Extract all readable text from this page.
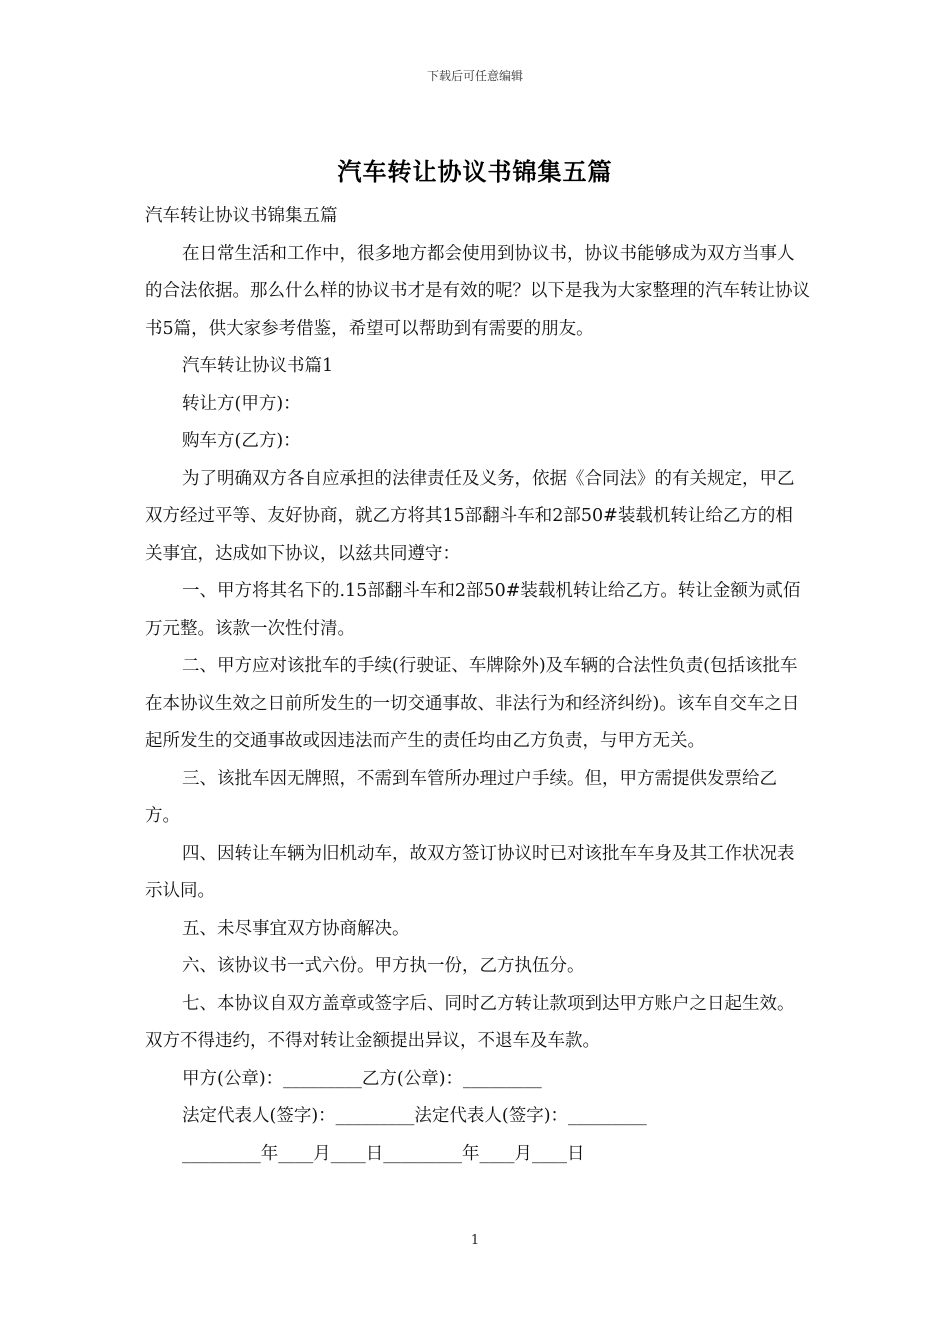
下载后可任意编辑
汽车转让协议书锦集五篇

汽车转让协议书锦集五篇

在日常生活和工作中，很多地方都会使用到协议书，协议书能够成为双方当事人的合法依据。那么什么样的协议书才是有效的呢？以下是我为大家整理的汽车转让协议书5篇，供大家参考借鉴，希望可以帮助到有需要的朋友。

汽车转让协议书篇1

转让方(甲方)：

购车方(乙方)：

为了明确双方各自应承担的法律责任及义务，依据《合同法》的有关规定，甲乙双方经过平等、友好协商，就乙方将其15部翻斗车和2部50#装载机转让给乙方的相关事宜，达成如下协议，以兹共同遵守：

一、甲方将其名下的.15部翻斗车和2部50#装载机转让给乙方。转让金额为贰佰万元整。该款一次性付清。

二、甲方应对该批车的手续(行驶证、车牌除外)及车辆的合法性负责(包括该批车在本协议生效之日前所发生的一切交通事故、非法行为和经济纠纷)。该车自交车之日起所发生的交通事故或因违法而产生的责任均由乙方负责，与甲方无关。

三、该批车因无牌照，不需到车管所办理过户手续。但，甲方需提供发票给乙方。

四、因转让车辆为旧机动车，故双方签订协议时已对该批车车身及其工作状况表示认同。

五、未尽事宜双方协商解决。

六、该协议书一式六份。甲方执一份，乙方执伍分。

七、本协议自双方盖章或签字后、同时乙方转让款项到达甲方账户之日起生效。双方不得违约，不得对转让金额提出异议，不退车及车款。

甲方(公章)：_________乙方(公章)：_________

法定代表人(签字)：_________法定代表人(签字)：_________

_________年____月____日_________年____月____日

1
